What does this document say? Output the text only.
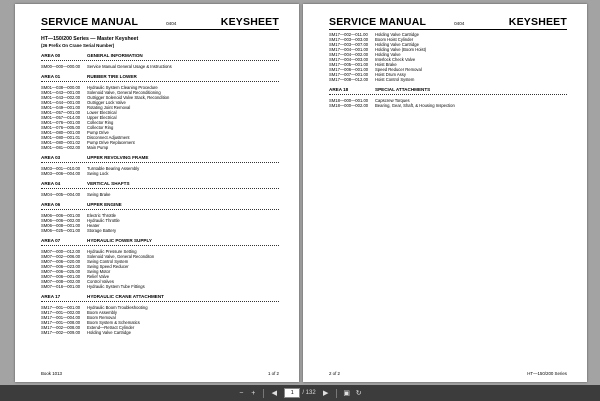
SERVICE MANUAL	0404	KEYSHEET
HT—150/200 Series — Master Keysheet
(26 Prefix On Crane Serial Number)
AREA 00	GENERAL INFORMATION
SM00—000—000.00	Service Manual General Usage & Instructions
AREA 01	RUBBER TIRE LOWER
SM01—038—000.00	Hydraulic System Cleaning Procedure
SM01—043—001.00	Solenoid Valve, General Reconditioning
SM01—043—002.00	Outrigger Solenoid Valve Stack, Recondition
SM01—044—001.00	Outrigger Lock Valve
SM01—049—001.00	Rotating Joint Removal
SM01—057—001.00	Lower Electrical
SM01—057—014.00	Upper Electrical
SM01—076—001.00	Collector Ring
SM01—076—005.00	Collector Ring
SM01—080—001.00	Pump Drive
SM01—080—001.01	Disconnect Adjustment
SM01—080—001.02	Pump Drive Replacement
SM01—081—002.00	Main Pump
AREA 03	UPPER REVOLVING FRAME
SM03—001—010.00	Turntable Bearing Assembly
SM03—006—004.00	Swing Lock
AREA 04	VERTICAL SHAFTS
SM04—005—004.00	Swing Brake
AREA 06	UPPER ENGINE
SM06—006—001.00	Electric Throttle
SM06—006—002.00	Hydraulic Throttle
SM06—008—001.00	Heater
SM06—025—001.00	Storage Battery
AREA 07	HYDRAULIC POWER SUPPLY
SM07—000—012.00	Hydraulic Pressure Setting
SM07—002—006.00	Solenoid Valve, General Reconditon
SM07—006—020.00	Swing Control System
SM07—006—023.00	Swing Speed Reducer
SM07—006—025.00	Swing Motor
SM07—006—001.00	Relief Valve
SM07—008—002.00	Control Valves
SM07—016—001.00	Hydraulic System Tube Fittings
AREA 17	HYDRAULIC CRANE ATTACHMENT
SM17—001—001.00	Hydraulic Boom Troubleshooting
SM17—001—002.00	Boom Assembly
SM17—001—004.00	Boom Removal
SM17—001—008.00	Boom System & Schematics
SM17—002—008.00	Extend—Retract Cylinder
SM17—002—009.00	Holding Valve Cartridge
Book 1013	1 of 2
SERVICE MANUAL	0404	KEYSHEET
SM17—002—011.00	Holding Valve Cartridge
SM17—003—003.00	Boom Hoist Cylinder
SM17—003—007.00	Holding Valve Cartridge
SM17—004—001.00	Holding Valve (Boom Hoist)
SM17—004—002.00	Holding Valve
SM17—004—003.00	Interlock Check Valve
SM17—005—001.00	Hoist Brake
SM17—006—001.00	Speed Reducer Removal
SM17—007—001.00	Hoist Drum Assy
SM17—008—012.00	Hoist Control System
AREA 18	SPECIAL ATTACHMENTS
SM18—000—001.00	Capscrew Torques
SM18—000—002.00	Bearing, Gear, Shaft, & Housing Inspection
2 of 2	HT—150/200 Series
−	+	◀	1	/ 132	▶	▣ ↻
